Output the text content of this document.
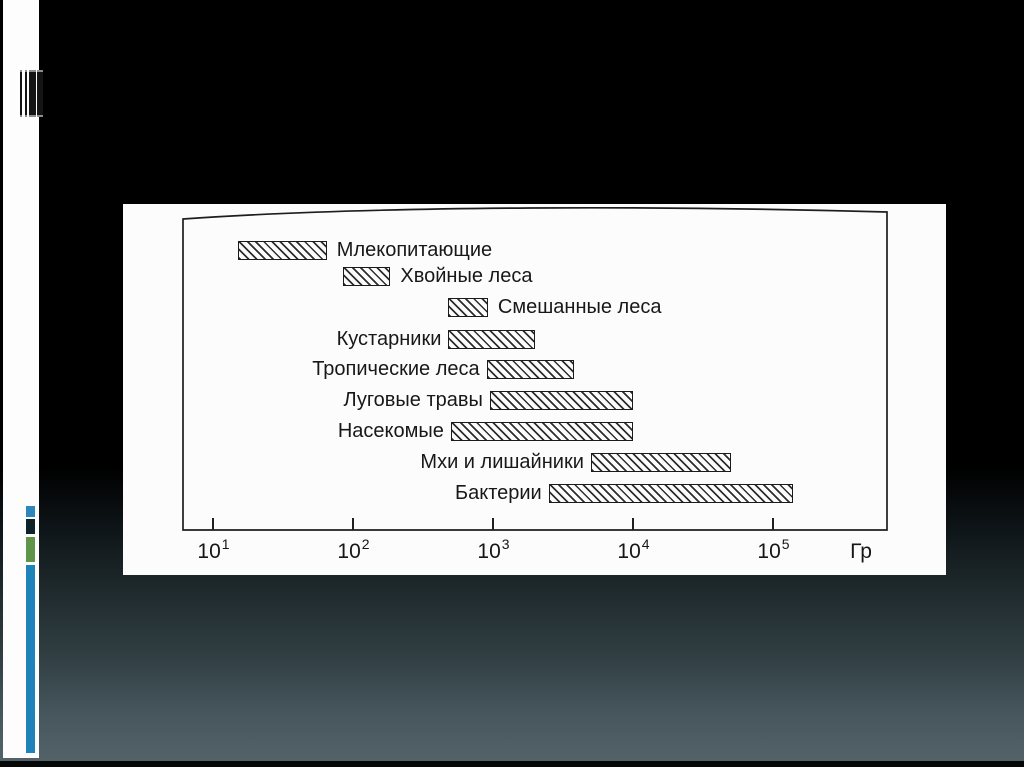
Млекопитающие
Хвойные леса
Смешанные леса
Кустарники
Тропические леса
Луговые травы
Насекомые
Мхи и лишайники
Бактерии
$10^1$	$10^2$	$10^3$	$10^4$	$10^5$	Гр
